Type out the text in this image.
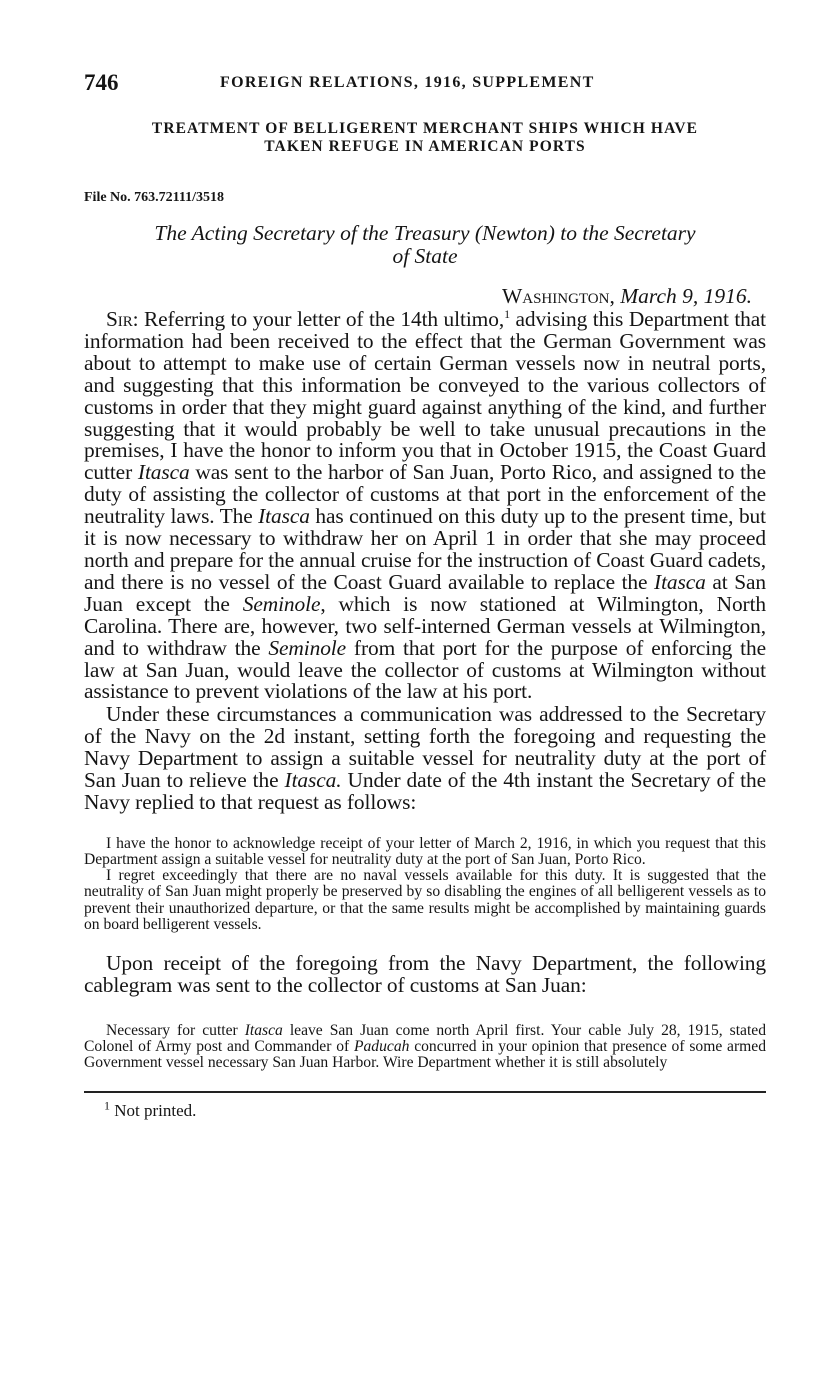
746	FOREIGN RELATIONS, 1916, SUPPLEMENT
TREATMENT OF BELLIGERENT MERCHANT SHIPS WHICH HAVE
TAKEN REFUGE IN AMERICAN PORTS
File No. 763.72111/3518
The Acting Secretary of the Treasury (Newton) to the Secretary
of State
Washington, March 9, 1916.

Sir: Referring to your letter of the 14th ultimo,$^1$ advising this Department that information had been received to the effect that the German Government was about to attempt to make use of certain German vessels now in neutral ports, and suggesting that this information be conveyed to the various collectors of customs in order that they might guard against anything of the kind, and further suggesting that it would probably be well to take unusual precautions in the premises, I have the honor to inform you that in October 1915, the Coast Guard cutter Itasca was sent to the harbor of San Juan, Porto Rico, and assigned to the duty of assisting the collector of customs at that port in the enforcement of the neutrality laws. The Itasca has continued on this duty up to the present time, but it is now necessary to withdraw her on April 1 in order that she may proceed north and prepare for the annual cruise for the instruction of Coast Guard cadets, and there is no vessel of the Coast Guard available to replace the Itasca at San Juan except the Seminole, which is now stationed at Wilmington, North Carolina. There are, however, two self-interned German vessels at Wilmington, and to withdraw the Seminole from that port for the purpose of enforcing the law at San Juan, would leave the collector of customs at Wilmington without assistance to prevent violations of the law at his port.

Under these circumstances a communication was addressed to the Secretary of the Navy on the 2d instant, setting forth the foregoing and requesting the Navy Department to assign a suitable vessel for neutrality duty at the port of San Juan to relieve the Itasca. Under date of the 4th instant the Secretary of the Navy replied to that request as follows:

I have the honor to acknowledge receipt of your letter of March 2, 1916, in which you request that this Department assign a suitable vessel for neutrality duty at the port of San Juan, Porto Rico.

I regret exceedingly that there are no naval vessels available for this duty. It is suggested that the neutrality of San Juan might properly be preserved by so disabling the engines of all belligerent vessels as to prevent their unauthorized departure, or that the same results might be accomplished by maintaining guards on board belligerent vessels.

Upon receipt of the foregoing from the Navy Department, the following cablegram was sent to the collector of customs at San Juan:

Necessary for cutter Itasca leave San Juan come north April first. Your cable July 28, 1915, stated Colonel of Army post and Commander of Paducah concurred in your opinion that presence of some armed Government vessel necessary San Juan Harbor. Wire Department whether it is still absolutely

$^1$ Not printed.
